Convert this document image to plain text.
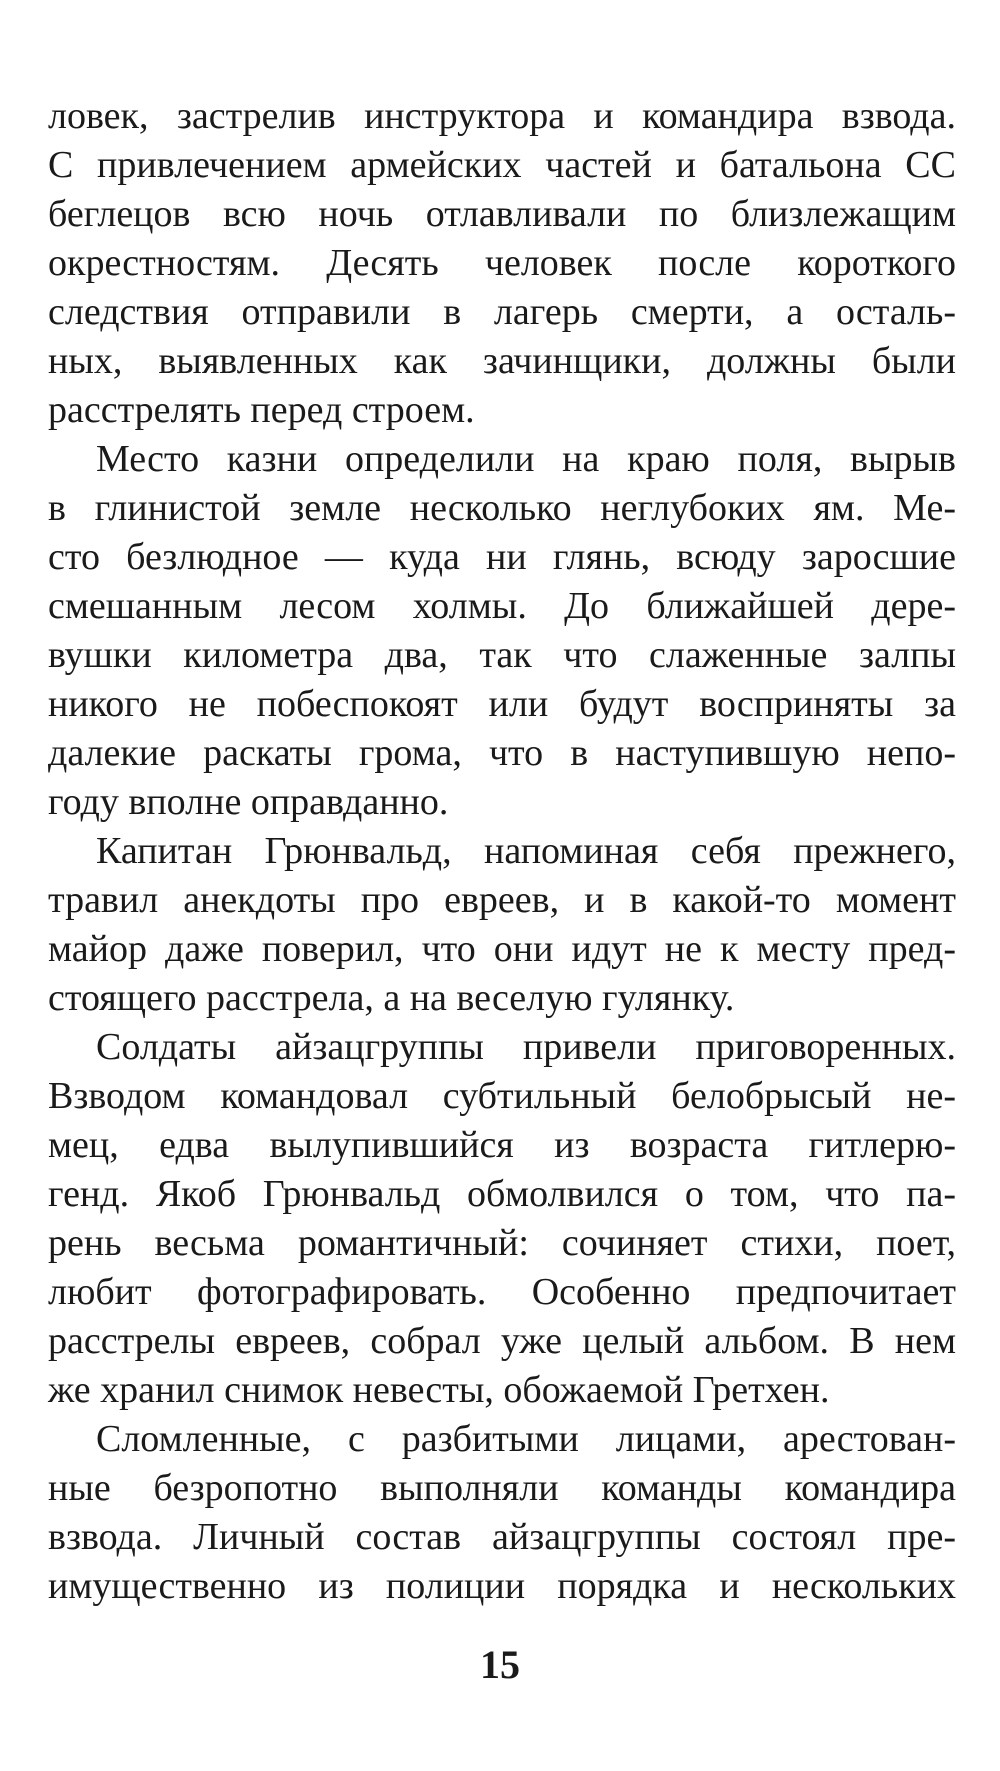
ловек, застрелив инструктора и командира взвода.
С привлечением армейских частей и батальона СС
беглецов всю ночь отлавливали по близлежащим
окрестностям. Десять человек после короткого
следствия отправили в лагерь смерти, а осталь-
ных, выявленных как зачинщики, должны были
расстрелять перед строем.
Место казни определили на краю поля, вырыв
в глинистой земле несколько неглубоких ям. Ме-
сто безлюдное — куда ни глянь, всюду заросшие
смешанным лесом холмы. До ближайшей дере-
вушки километра два, так что слаженные залпы
никого не побеспокоят или будут восприняты за
далекие раскаты грома, что в наступившую непо-
году вполне оправданно.
Капитан Грюнвальд, напоминая себя прежнего,
травил анекдоты про евреев, и в какой-то момент
майор даже поверил, что они идут не к месту пред-
стоящего расстрела, а на веселую гулянку.
Солдаты айзацгруппы привели приговоренных.
Взводом командовал субтильный белобрысый не-
мец, едва вылупившийся из возраста гитлерю-
генд. Якоб Грюнвальд обмолвился о том, что па-
рень весьма романтичный: сочиняет стихи, поет,
любит фотографировать. Особенно предпочитает
расстрелы евреев, собрал уже целый альбом. В нем
же хранил снимок невесты, обожаемой Гретхен.
Сломленные, с разбитыми лицами, арестован-
ные безропотно выполняли команды командира
взвода. Личный состав айзацгруппы состоял пре-
имущественно из полиции порядка и нескольких
15
